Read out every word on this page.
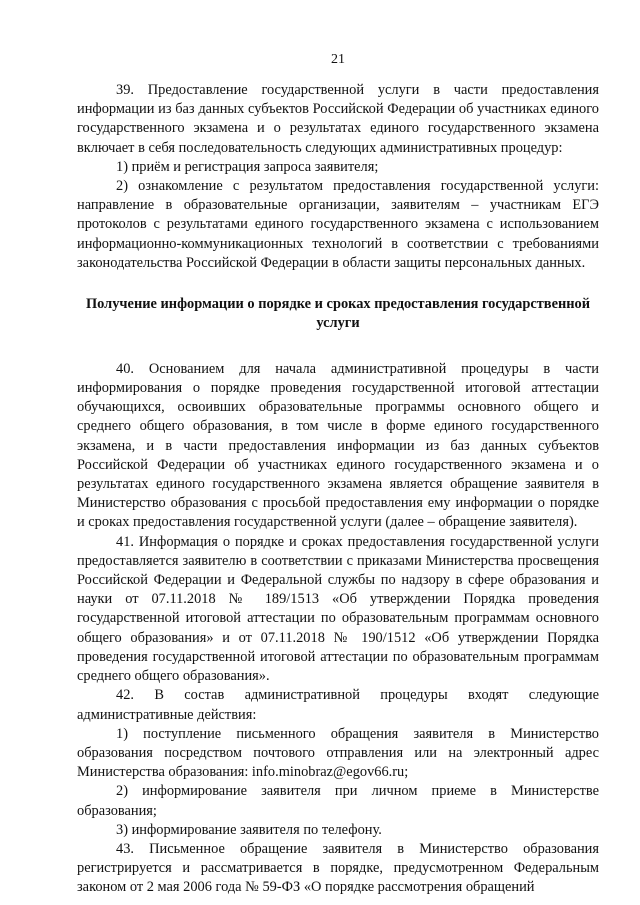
21

39. Предоставление государственной услуги в части предоставления информации из баз данных субъектов Российской Федерации об участниках единого государственного экзамена и о результатах единого государственного экзамена включает в себя последовательность следующих административных процедур:

1) приём и регистрация запроса заявителя;

2) ознакомление с результатом предоставления государственной услуги: направление в образовательные организации, заявителям – участникам ЕГЭ протоколов с результатами единого государственного экзамена с использованием информационно-коммуникационных технологий в соответствии с требованиями законодательства Российской Федерации в области защиты персональных данных.

Получение информации о порядке и сроках предоставления государственной услуги

40. Основанием для начала административной процедуры в части информирования о порядке проведения государственной итоговой аттестации обучающихся, освоивших образовательные программы основного общего и среднего общего образования, в том числе в форме единого государственного экзамена, и в части предоставления информации из баз данных субъектов Российской Федерации об участниках единого государственного экзамена и о результатах единого государственного экзамена является обращение заявителя в Министерство образования с просьбой предоставления ему информации о порядке и сроках предоставления государственной услуги (далее – обращение заявителя).

41. Информация о порядке и сроках предоставления государственной услуги предоставляется заявителю в соответствии с приказами Министерства просвещения Российской Федерации и Федеральной службы по надзору в сфере образования и науки от 07.11.2018 № 189/1513 «Об утверждении Порядка проведения государственной итоговой аттестации по образовательным программам основного общего образования» и от 07.11.2018 № 190/1512 «Об утверждении Порядка проведения государственной итоговой аттестации по образовательным программам среднего общего образования».

42. В состав административной процедуры входят следующие административные действия:

1) поступление письменного обращения заявителя в Министерство образования посредством почтового отправления или на электронный адрес Министерства образования: info.minobraz@egov66.ru;

2) информирование заявителя при личном приеме в Министерстве образования;

3) информирование заявителя по телефону.

43. Письменное обращение заявителя в Министерство образования регистрируется и рассматривается в порядке, предусмотренном Федеральным законом от 2 мая 2006 года № 59-ФЗ «О порядке рассмотрения обращений
